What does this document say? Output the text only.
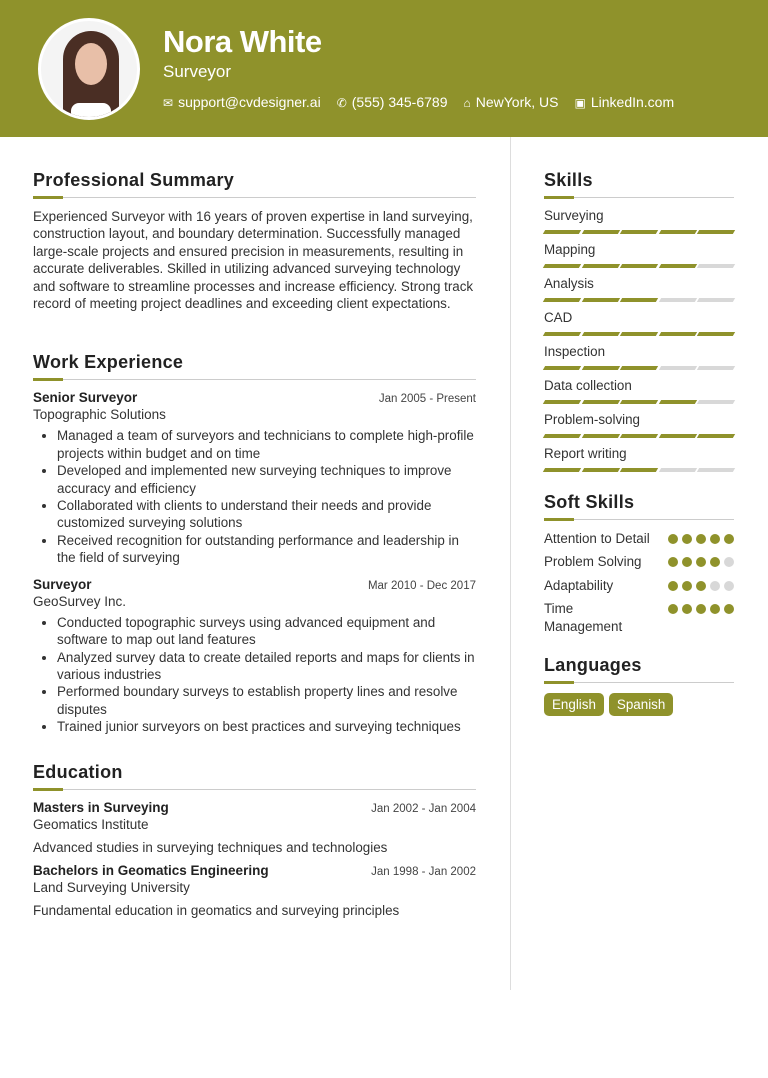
Nora White
Surveyor
✉ support@cvdesigner.ai ✆ (555) 345-6789 ⌂ NewYork, US ▣ LinkedIn.com
Professional Summary

Experienced Surveyor with 16 years of proven expertise in land surveying, construction layout, and boundary determination. Successfully managed large-scale projects and ensured precision in measurements, resulting in accurate deliverables. Skilled in utilizing advanced surveying technology and software to streamline processes and increase efficiency. Strong track record of meeting project deadlines and exceeding client expectations.

Work Experience
Senior Surveyor	Jan 2005 - Present
Topographic Solutions
• Managed a team of surveyors and technicians to complete high-profile projects within budget and on time
• Developed and implemented new surveying techniques to improve accuracy and efficiency
• Collaborated with clients to understand their needs and provide customized surveying solutions
• Received recognition for outstanding performance and leadership in the field of surveying
Surveyor	Mar 2010 - Dec 2017
GeoSurvey Inc.
• Conducted topographic surveys using advanced equipment and software to map out land features
• Analyzed survey data to create detailed reports and maps for clients in various industries
• Performed boundary surveys to establish property lines and resolve disputes
• Trained junior surveyors on best practices and surveying techniques
Education
Masters in Surveying	Jan 2002 - Jan 2004
Geomatics Institute
Advanced studies in surveying techniques and technologies
Bachelors in Geomatics Engineering	Jan 1998 - Jan 2002
Land Surveying University
Fundamental education in geomatics and surveying principles
Skills
Surveying
Mapping
Analysis
CAD
Inspection
Data collection
Problem-solving
Report writing
Soft Skills
Attention to Detail
Problem Solving
Adaptability
Time Management
Languages
English	Spanish
